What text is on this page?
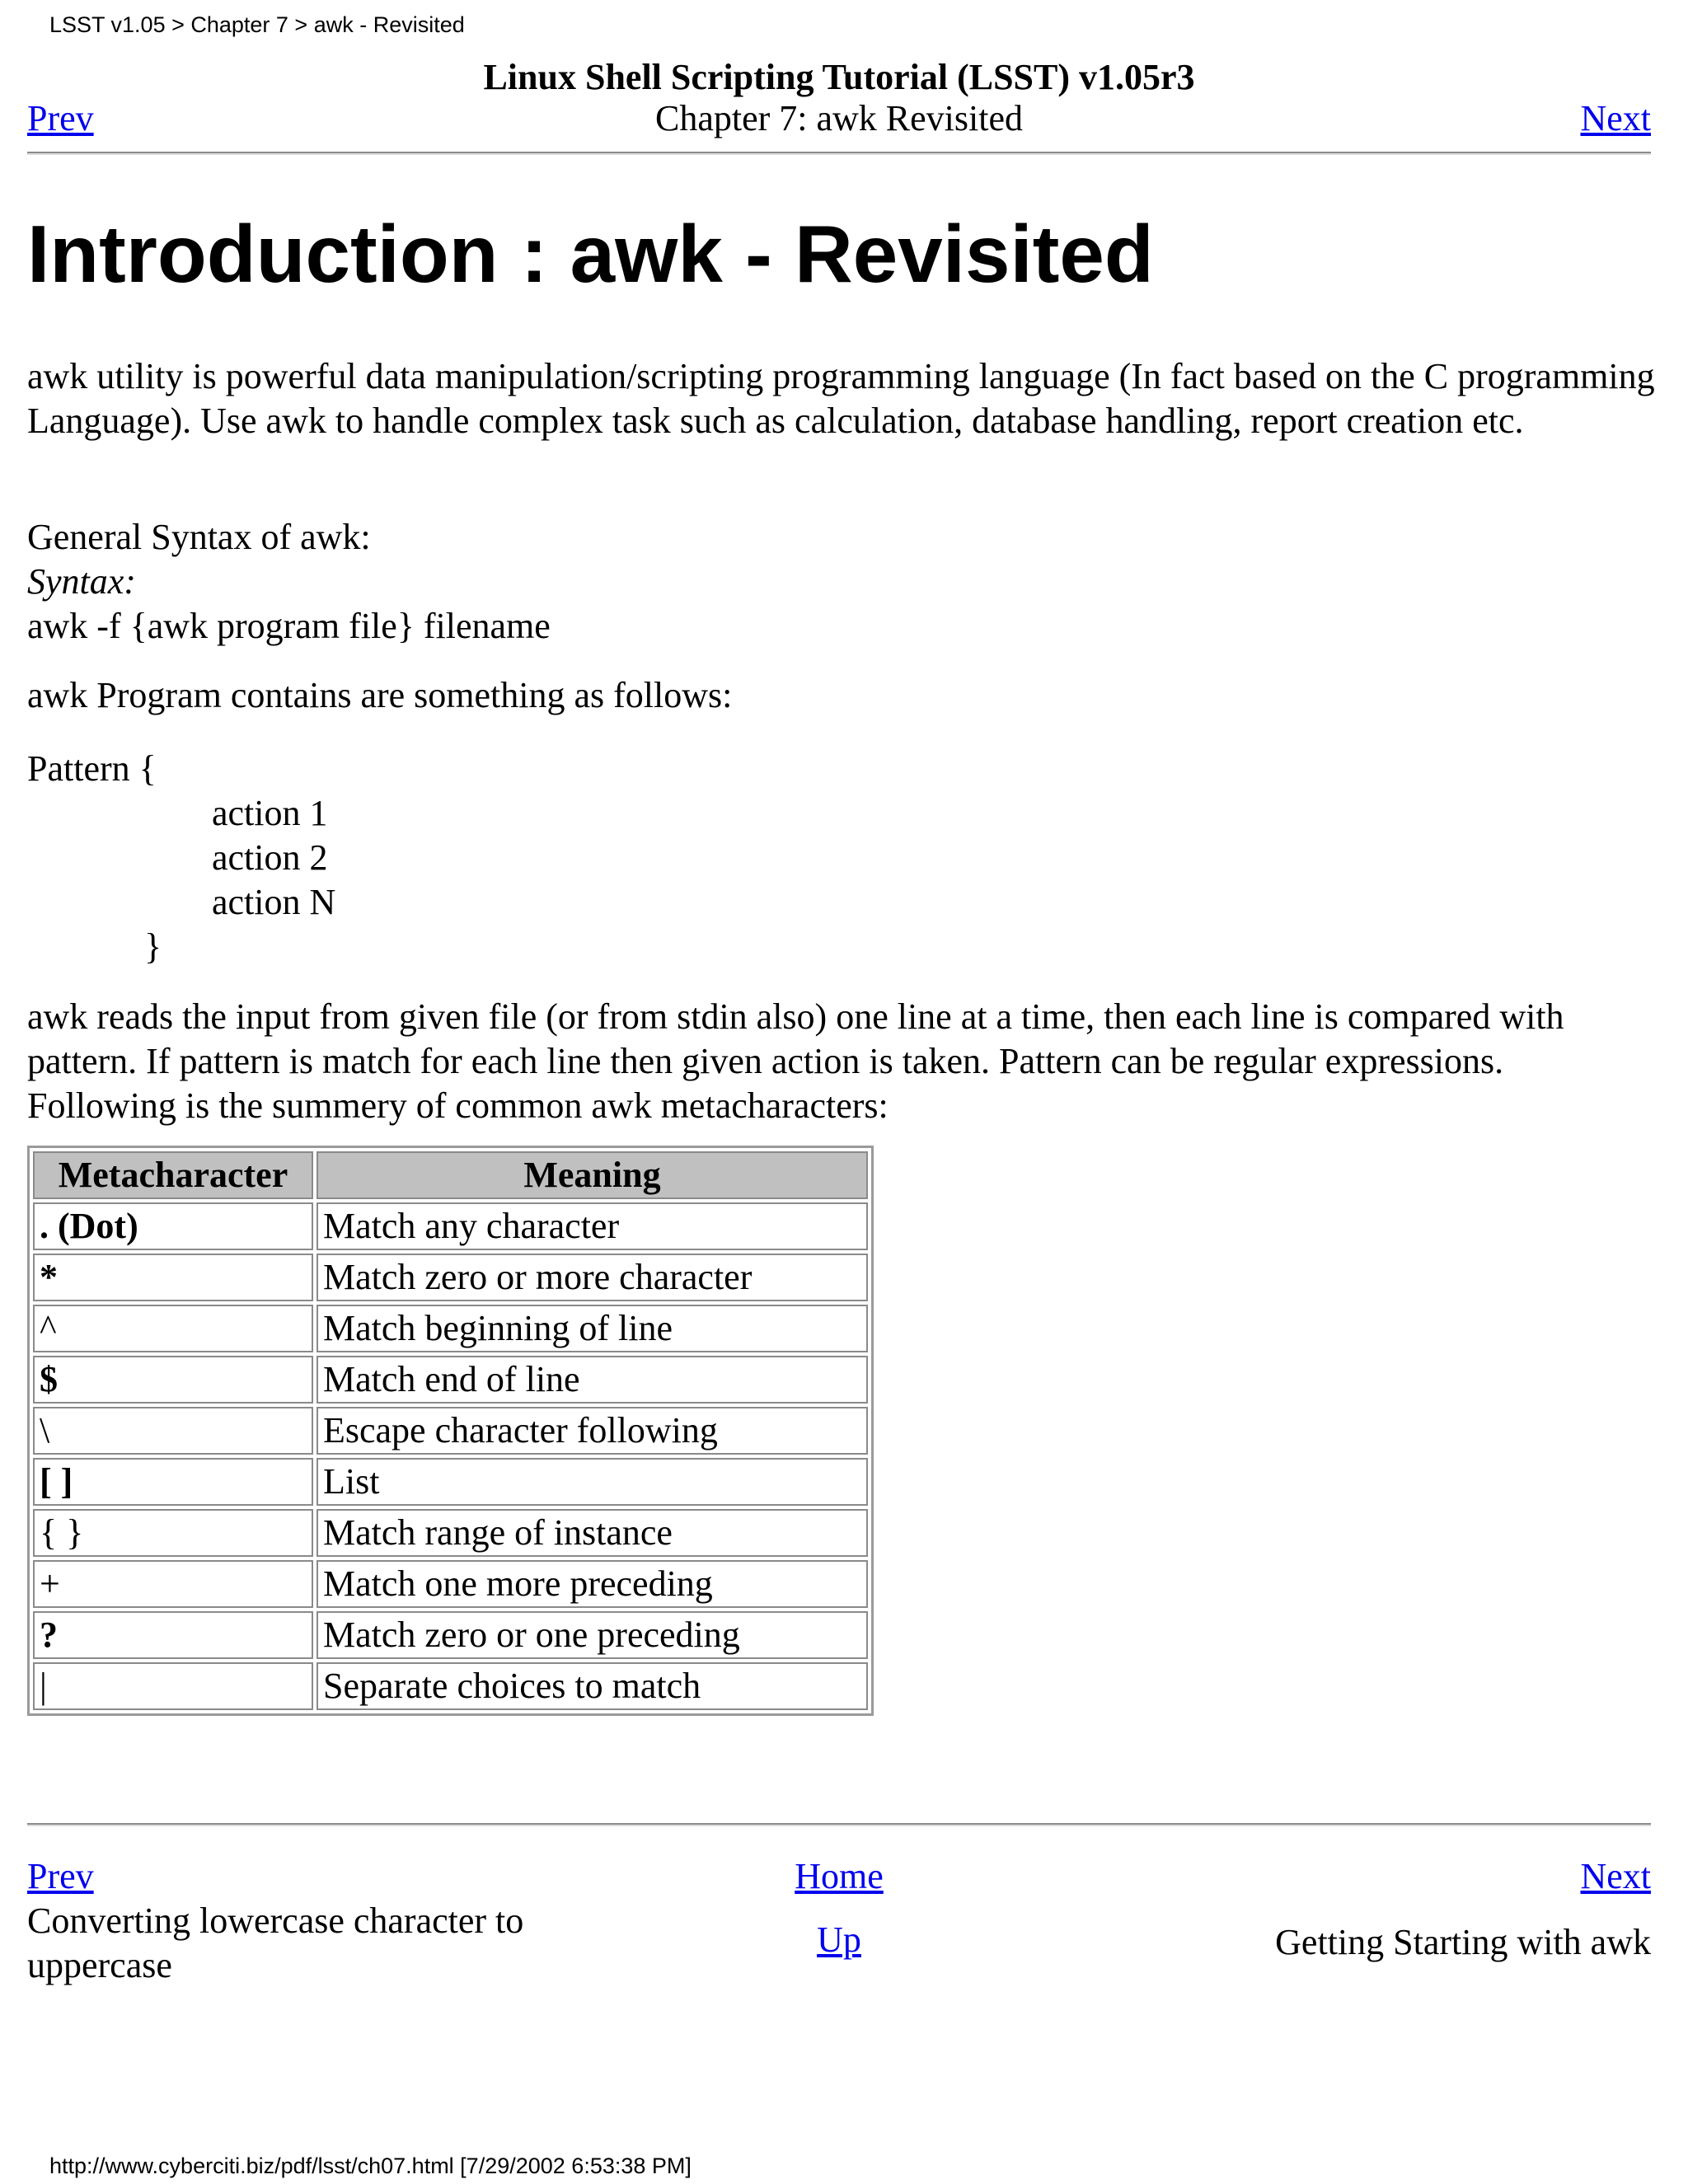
LSST v1.05 > Chapter 7 > awk - Revisited
Linux Shell Scripting Tutorial (LSST) v1.05r3
Chapter 7: awk Revisited
Prev	Next
Introduction : awk - Revisited

awk utility is powerful data manipulation/scripting programming language (In fact based on the C programming Language). Use awk to handle complex task such as calculation, database handling, report creation etc.

General Syntax of awk:
Syntax:
awk -f {awk program file} filename

awk Program contains are something as follows:

Pattern {
action 1
action 2
action N
}

awk reads the input from given file (or from stdin also) one line at a time, then each line is compared with pattern. If pattern is match for each line then given action is taken. Pattern can be regular expressions. Following is the summery of common awk metacharacters:

Metacharacter	Meaning
. (Dot)	Match any character
*	Match zero or more character
^	Match beginning of line
$	Match end of line
\	Escape character following
[ ]	List
{ }	Match range of instance
+	Match one more preceding
?	Match zero or one preceding
|	Separate choices to match
Prev
Converting lowercase character to uppercase
Home
Up
Next
Getting Starting with awk
http://www.cyberciti.biz/pdf/lsst/ch07.html [7/29/2002 6:53:38 PM]
